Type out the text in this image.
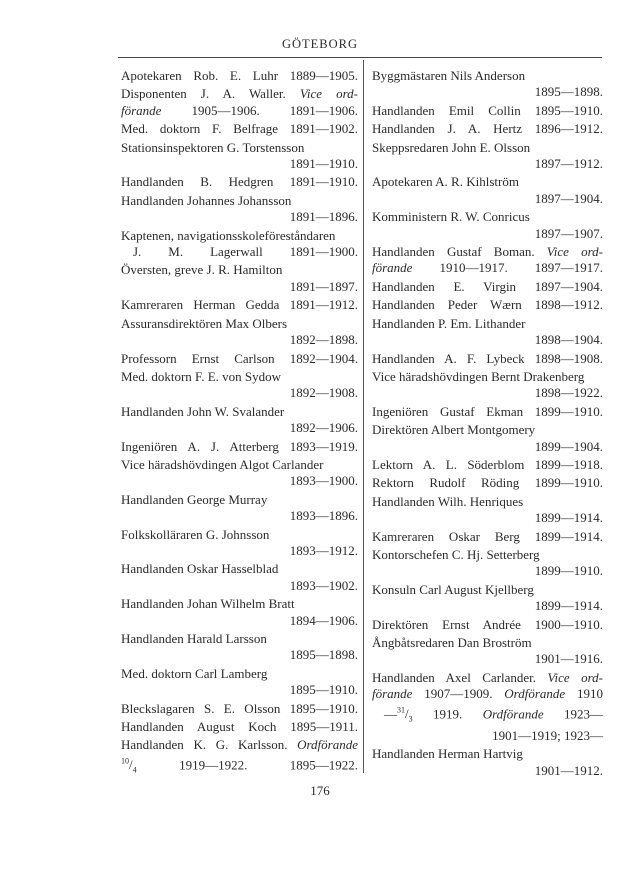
GÖTEBORG
Apotekaren Rob. E. Luhr 1889—1905.
Disponenten J. A. Waller. Vice ord-
förande 1905—1906. 1891—1906.
Med. doktorn F. Belfrage 1891—1902.
Stationsinspektoren G. Torstensson
1891—1910.
Handlanden B. Hedgren 1891—1910.
Handlanden Johannes Johansson
1891—1896.
Kaptenen, navigationsskoleföreståndaren
J. M. Lagerwall 1891—1900.
Översten, greve J. R. Hamilton
1891—1897.
Kamreraren Herman Gedda 1891—1912.
Assuransdirektören Max Olbers
1892—1898.
Professorn Ernst Carlson 1892—1904.
Med. doktorn F. E. von Sydow
1892—1908.
Handlanden John W. Svalander
1892—1906.
Ingeniören A. J. Atterberg 1893—1919.
Vice häradshövdingen Algot Carlander
1893—1900.
Handlanden George Murray
1893—1896.
Folkskolläraren G. Johnsson
1893—1912.
Handlanden Oskar Hasselblad
1893—1902.
Handlanden Johan Wilhelm Bratt
1894—1906.
Handlanden Harald Larsson
1895—1898.
Med. doktorn Carl Lamberg
1895—1910.
Bleckslagaren S. E. Olsson 1895—1910.
Handlanden August Koch 1895—1911.
Handlanden K. G. Karlsson. Ordförande
$^{10}/_4$	1919—1922.	1895—1922.
Byggmästaren Nils Anderson
1895—1898.
Handlanden Emil Collin 1895—1910.
Handlanden J. A. Hertz 1896—1912.
Skeppsredaren John E. Olsson
1897—1912.
Apotekaren A. R. Kihlström
1897—1904.
Komministern R. W. Conricus
1897—1907.
Handlanden Gustaf Boman. Vice ord-
förande 1910—1917. 1897—1917.
Handlanden E. Virgin 1897—1904.
Handlanden Peder Wærn 1898—1912.
Handlanden P. Em. Lithander
1898—1904.
Handlanden A. F. Lybeck 1898—1908.
Vice häradshövdingen Bernt Drakenberg
1898—1922.
Ingeniören Gustaf Ekman 1899—1910.
Direktören Albert Montgomery
1899—1904.
Lektorn A. L. Söderblom 1899—1918.
Rektorn Rudolf Röding 1899—1910.
Handlanden Wilh. Henriques
1899—1914.
Kamreraren Oskar Berg 1899—1914.
Kontorschefen C. Hj. Setterberg
1899—1910.
Konsuln Carl August Kjellberg
1899—1914.
Direktören Ernst Andrée 1900—1910.
Ångbåtsredaren Dan Broström
1901—1916.
Handlanden Axel Carlander. Vice ord-
förande 1907—1909. Ordförande 1910
$—^{31}/_3$ 1919. Ordförande 1923—
1901—1919; 1923—
Handlanden Herman Hartvig
1901—1912.
176
